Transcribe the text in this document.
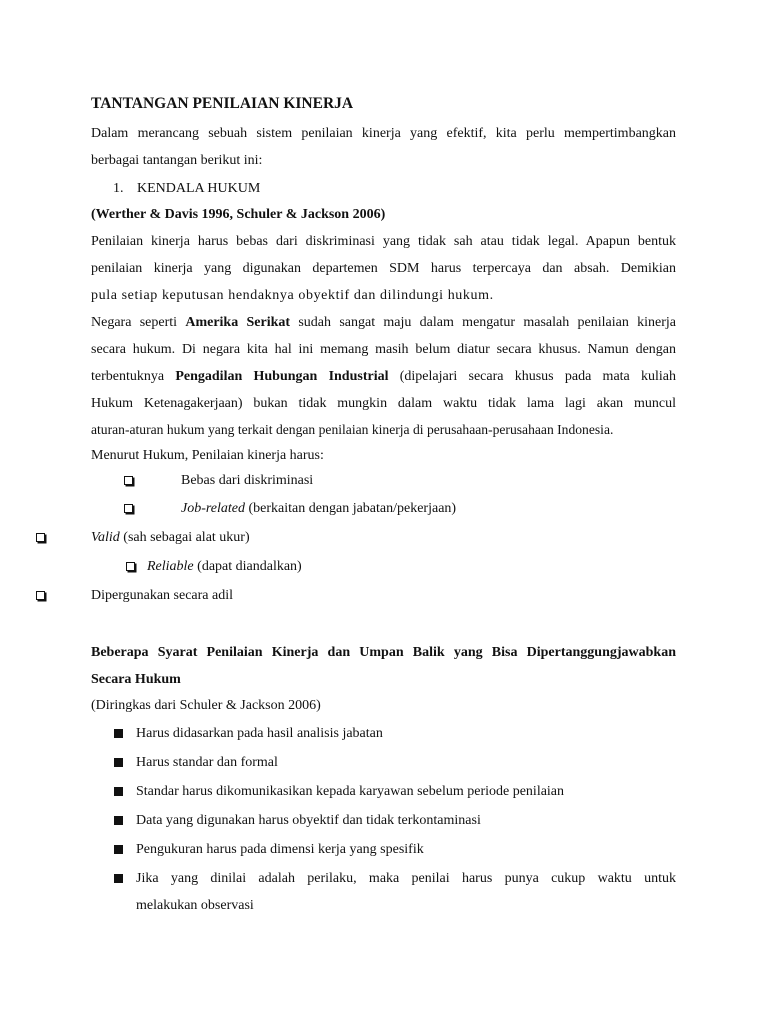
TANTANGAN PENILAIAN KINERJA
Dalam merancang sebuah sistem penilaian kinerja yang efektif, kita perlu mempertimbangkan
berbagai tantangan berikut ini:
1. KENDALA HUKUM
(Werther & Davis 1996, Schuler & Jackson 2006)
Penilaian kinerja harus bebas dari diskriminasi yang tidak sah atau tidak legal. Apapun bentuk
penilaian kinerja yang digunakan departemen SDM harus terpercaya dan absah. Demikian
pula setiap keputusan hendaknya obyektif dan dilindungi hukum.
Negara seperti Amerika Serikat sudah sangat maju dalam mengatur masalah penilaian kinerja
secara hukum. Di negara kita hal ini memang masih belum diatur secara khusus. Namun dengan
terbentuknya Pengadilan Hubungan Industrial (dipelajari secara khusus pada mata kuliah
Hukum Ketenagakerjaan) bukan tidak mungkin dalam waktu tidak lama lagi akan muncul
aturan-aturan hukum yang terkait dengan penilaian kinerja di perusahaan-perusahaan Indonesia.
Menurut Hukum, Penilaian kinerja harus:
Bebas dari diskriminasi
Job-related (berkaitan dengan jabatan/pekerjaan)
Valid (sah sebagai alat ukur)
Reliable (dapat diandalkan)
Dipergunakan secara adil
Beberapa Syarat Penilaian Kinerja dan Umpan Balik yang Bisa Dipertanggungjawabkan
Secara Hukum
(Diringkas dari Schuler & Jackson 2006)
Harus didasarkan pada hasil analisis jabatan
Harus standar dan formal
Standar harus dikomunikasikan kepada karyawan sebelum periode penilaian
Data yang digunakan harus obyektif dan tidak terkontaminasi
Pengukuran harus pada dimensi kerja yang spesifik
Jika yang dinilai adalah perilaku, maka penilai harus punya cukup waktu untuk
melakukan observasi
